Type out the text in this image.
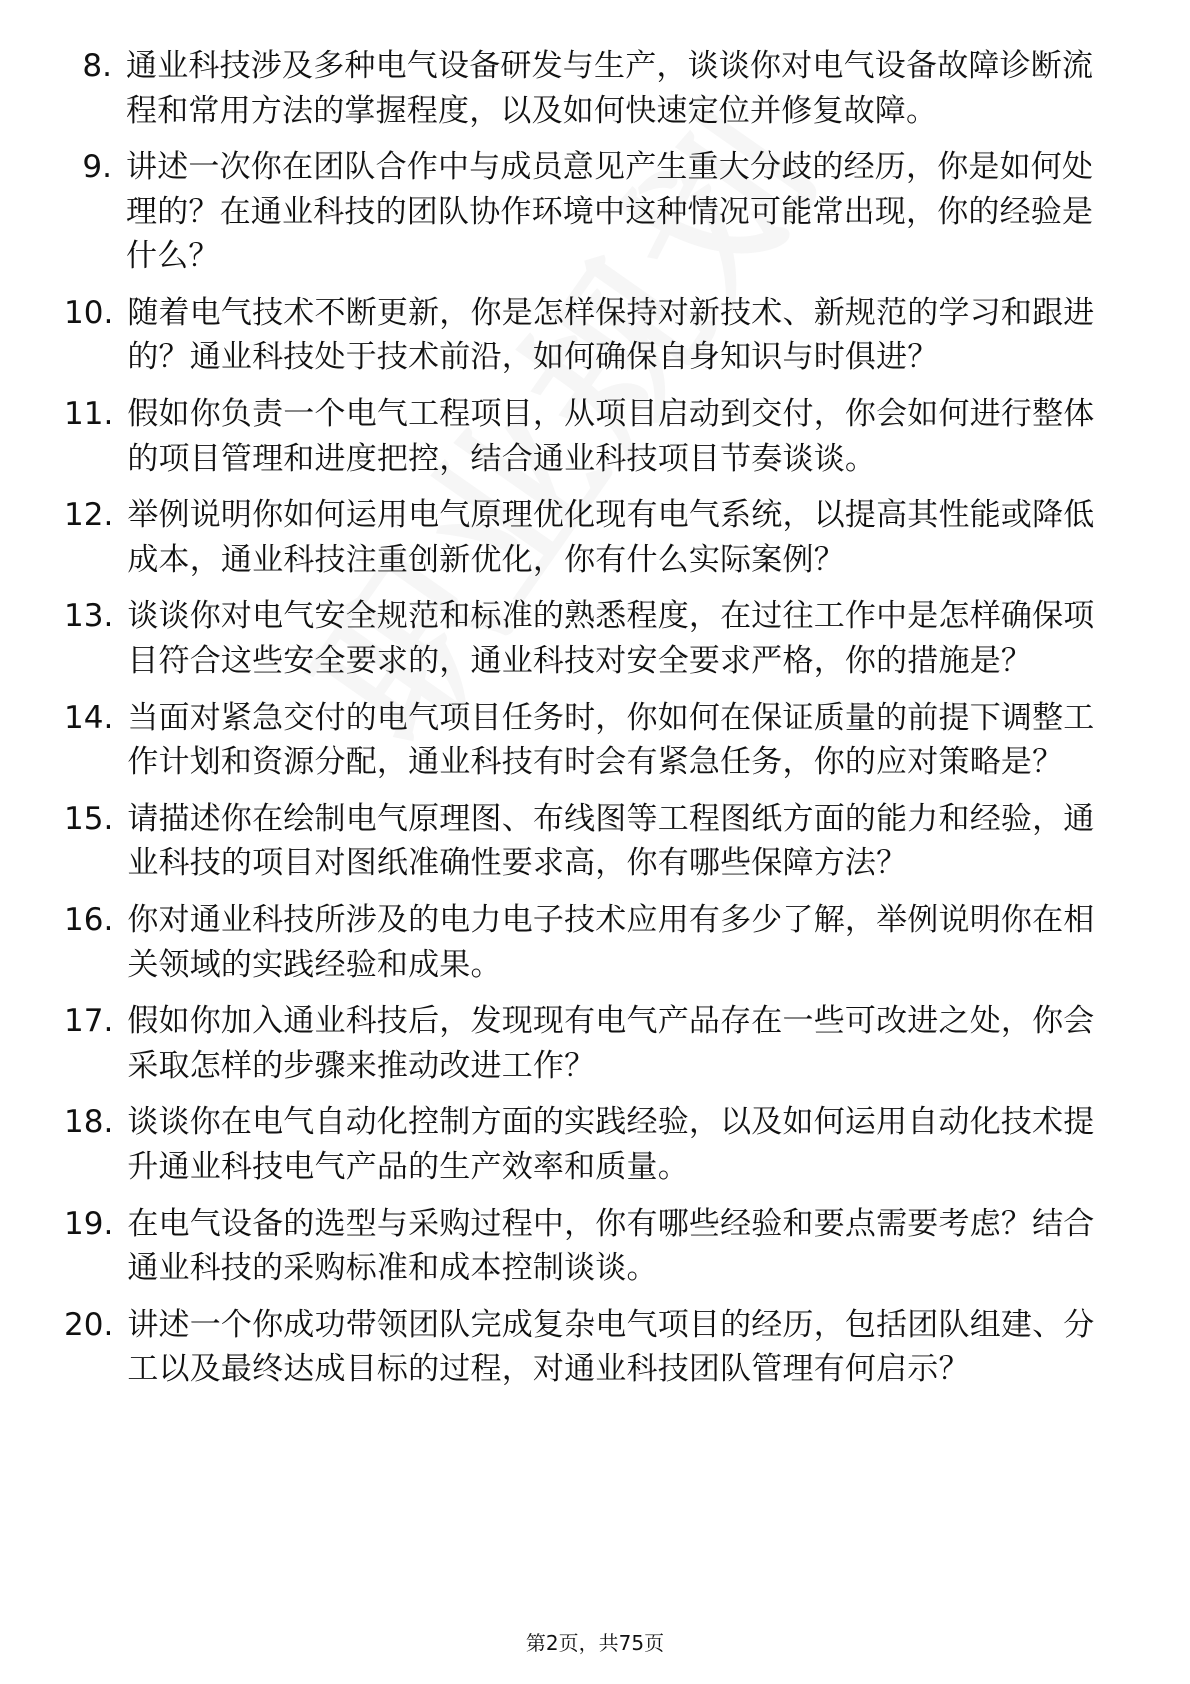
8. 通业科技涉及多种电气设备研发与生产，谈谈你对电气设备故障诊断流程和常用方法的掌握程度，以及如何快速定位并修复故障。
9. 讲述一次你在团队合作中与成员意见产生重大分歧的经历，你是如何处理的？在通业科技的团队协作环境中这种情况可能常出现，你的经验是什么？
10. 随着电气技术不断更新，你是怎样保持对新技术、新规范的学习和跟进的？通业科技处于技术前沿，如何确保自身知识与时俱进？
11. 假如你负责一个电气工程项目，从项目启动到交付，你会如何进行整体的项目管理和进度把控，结合通业科技项目节奏谈谈。
12. 举例说明你如何运用电气原理优化现有电气系统，以提高其性能或降低成本，通业科技注重创新优化，你有什么实际案例？
13. 谈谈你对电气安全规范和标准的熟悉程度，在过往工作中是怎样确保项目符合这些安全要求的，通业科技对安全要求严格，你的措施是？
14. 当面对紧急交付的电气项目任务时，你如何在保证质量的前提下调整工作计划和资源分配，通业科技有时会有紧急任务，你的应对策略是？
15. 请描述你在绘制电气原理图、布线图等工程图纸方面的能力和经验，通业科技的项目对图纸准确性要求高，你有哪些保障方法？
16. 你对通业科技所涉及的电力电子技术应用有多少了解，举例说明你在相关领域的实践经验和成果。
17. 假如你加入通业科技后，发现现有电气产品存在一些可改进之处，你会采取怎样的步骤来推动改进工作？
18. 谈谈你在电气自动化控制方面的实践经验，以及如何运用自动化技术提升通业科技电气产品的生产效率和质量。
19. 在电气设备的选型与采购过程中，你有哪些经验和要点需要考虑？结合通业科技的采购标准和成本控制谈谈。
20. 讲述一个你成功带领团队完成复杂电气项目的经历，包括团队组建、分工以及最终达成目标的过程，对通业科技团队管理有何启示？
第2页，共75页
